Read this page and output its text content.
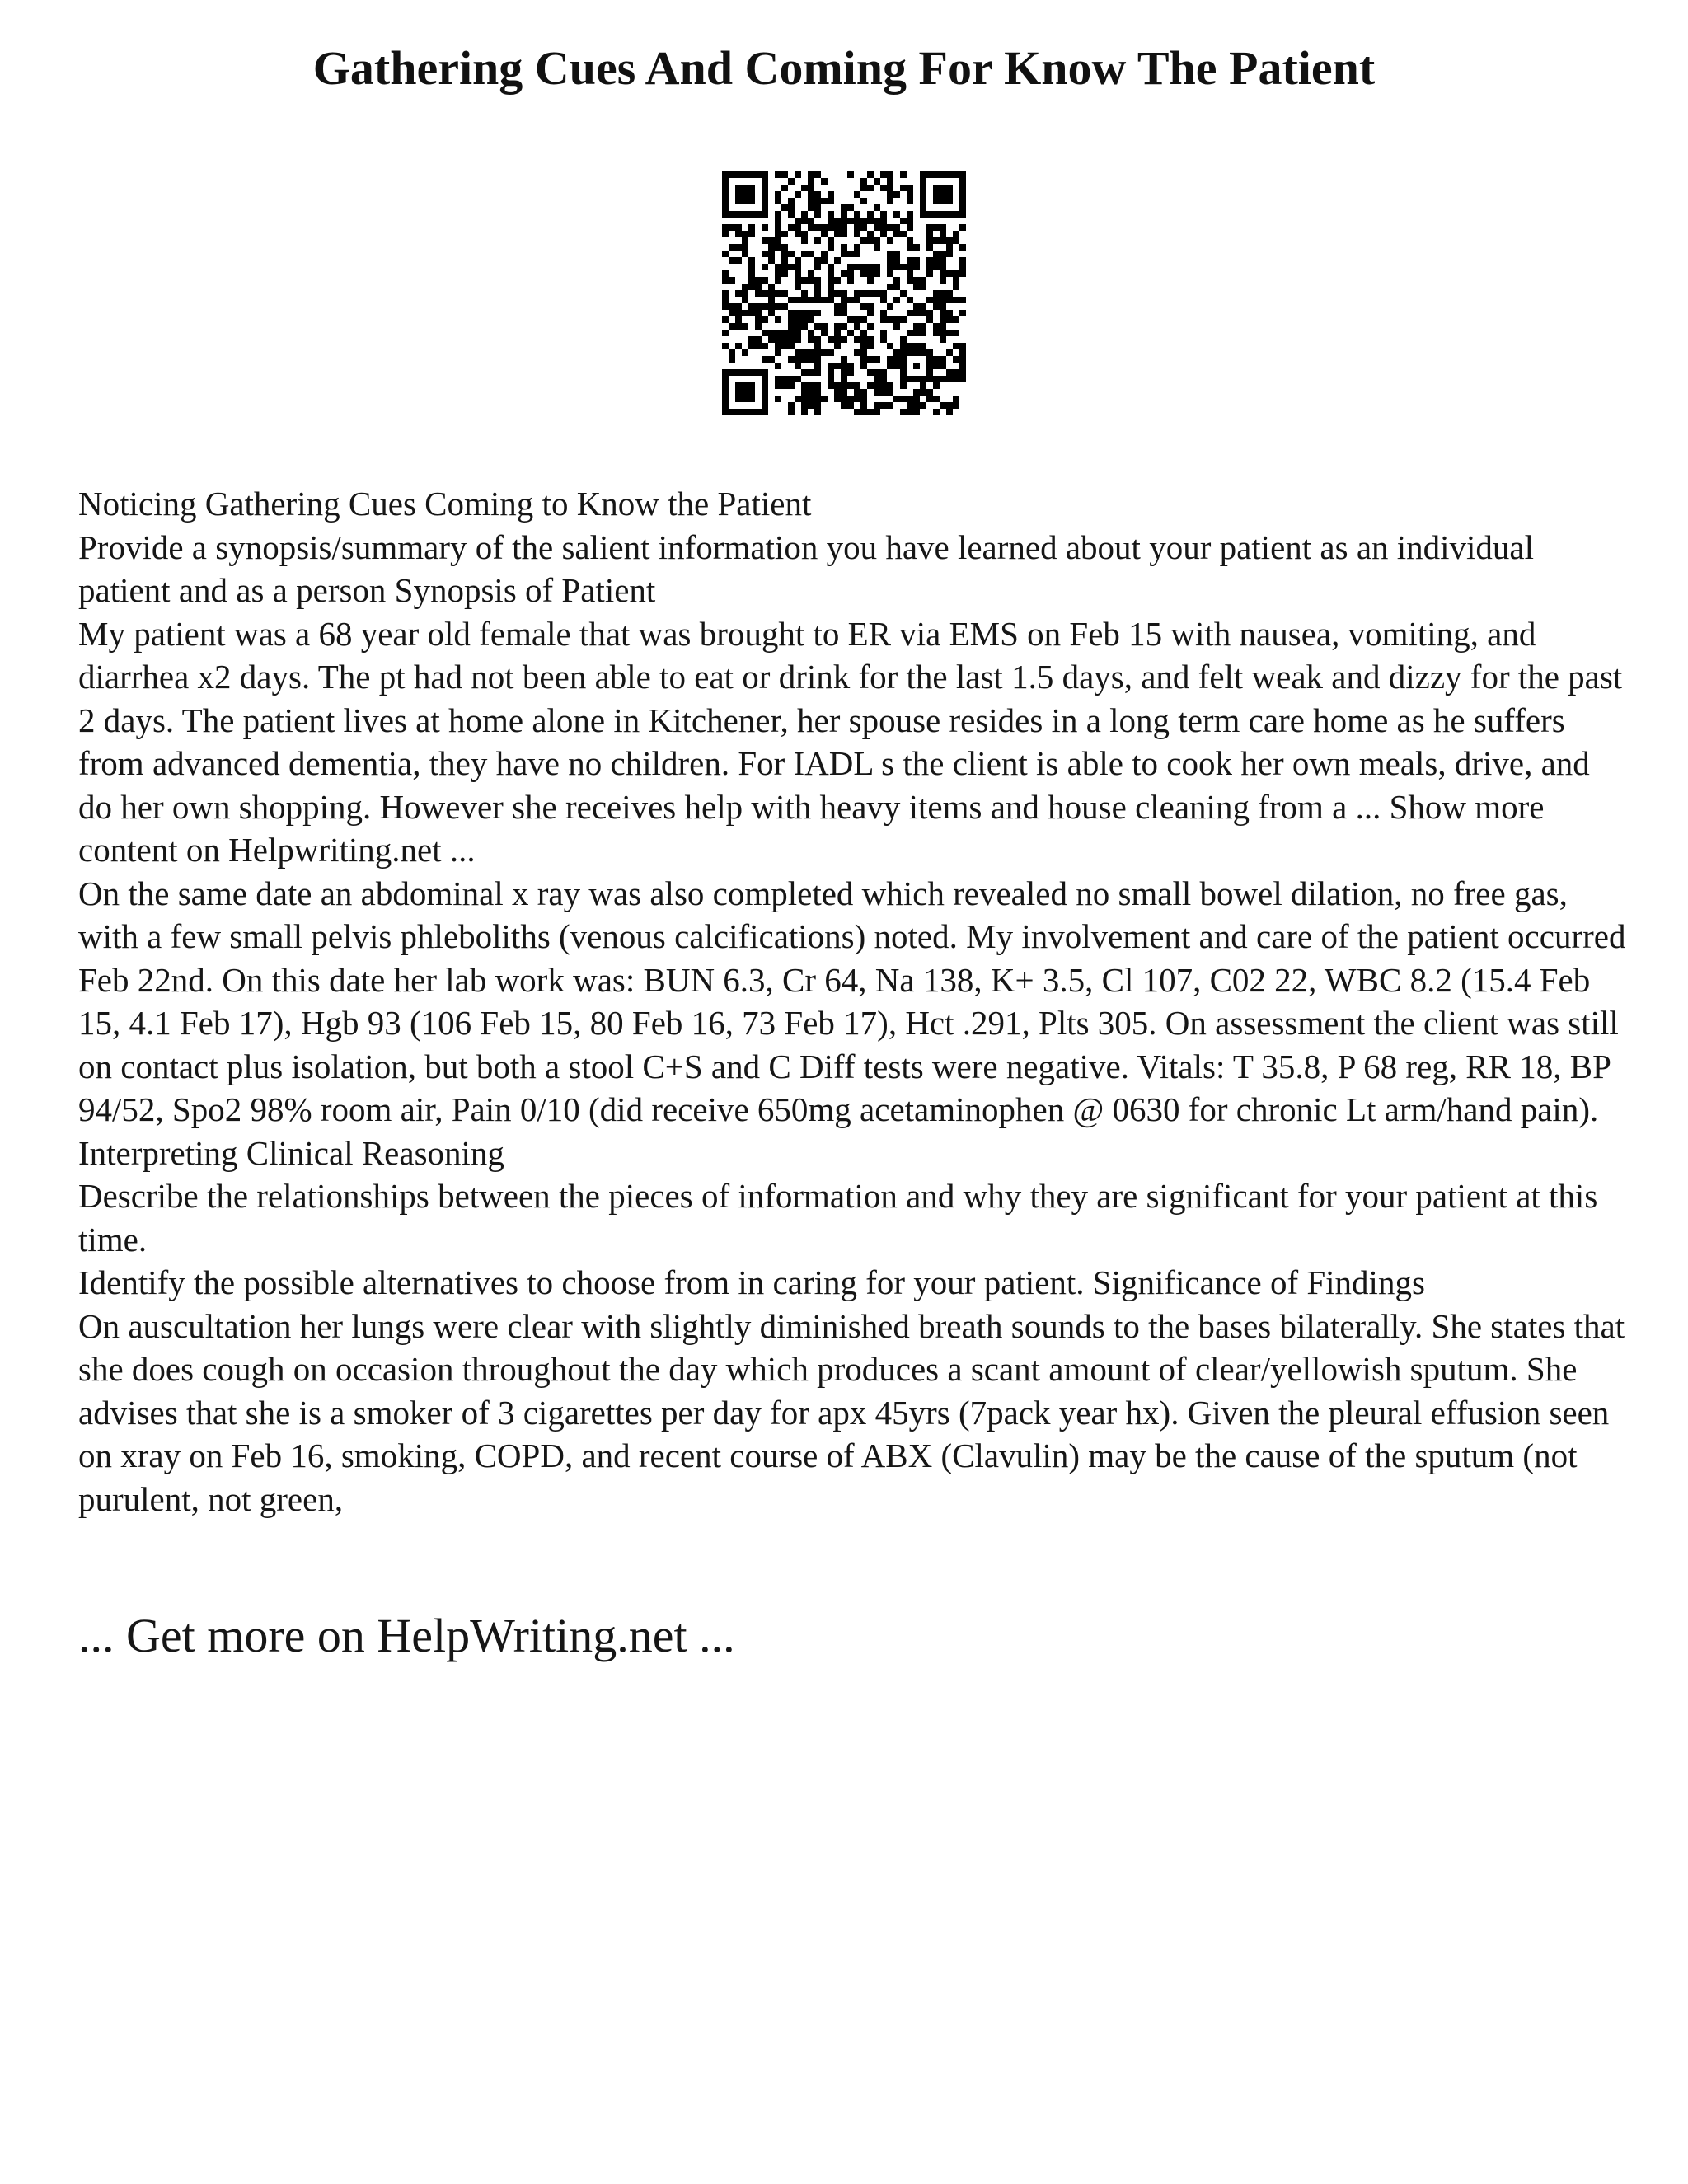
Gathering Cues And Coming For Know The Patient

Noticing Gathering Cues Coming to Know the Patient

Provide a synopsis/summary of the salient information you have learned about your patient as an individual patient and as a person Synopsis of Patient

My patient was a 68 year old female that was brought to ER via EMS on Feb 15 with nausea, vomiting, and diarrhea x2 days. The pt had not been able to eat or drink for the last 1.5 days, and felt weak and dizzy for the past 2 days. The patient lives at home alone in Kitchener, her spouse resides in a long term care home as he suffers from advanced dementia, they have no children. For IADL s the client is able to cook her own meals, drive, and do her own shopping. However she receives help with heavy items and house cleaning from a ... Show more content on Helpwriting.net ...

On the same date an abdominal x ray was also completed which revealed no small bowel dilation, no free gas, with a few small pelvis phleboliths (venous calcifications) noted. My involvement and care of the patient occurred Feb 22nd. On this date her lab work was: BUN 6.3, Cr 64, Na 138, K+ 3.5, Cl 107, C02 22, WBC 8.2 (15.4 Feb 15, 4.1 Feb 17), Hgb 93 (106 Feb 15, 80 Feb 16, 73 Feb 17), Hct .291, Plts 305. On assessment the client was still on contact plus isolation, but both a stool C+S and C Diff tests were negative. Vitals: T 35.8, P 68 reg, RR 18, BP 94/52, Spo2 98% room air, Pain 0/10 (did receive 650mg acetaminophen @ 0630 for chronic Lt arm/hand pain).

Interpreting Clinical Reasoning

Describe the relationships between the pieces of information and why they are significant for your patient at this time.

Identify the possible alternatives to choose from in caring for your patient. Significance of Findings

On auscultation her lungs were clear with slightly diminished breath sounds to the bases bilaterally. She states that she does cough on occasion throughout the day which produces a scant amount of clear/yellowish sputum. She advises that she is a smoker of 3 cigarettes per day for apx 45yrs (7pack year hx). Given the pleural effusion seen on xray on Feb 16, smoking, COPD, and recent course of ABX (Clavulin) may be the cause of the sputum (not purulent, not green,

... Get more on HelpWriting.net ...
